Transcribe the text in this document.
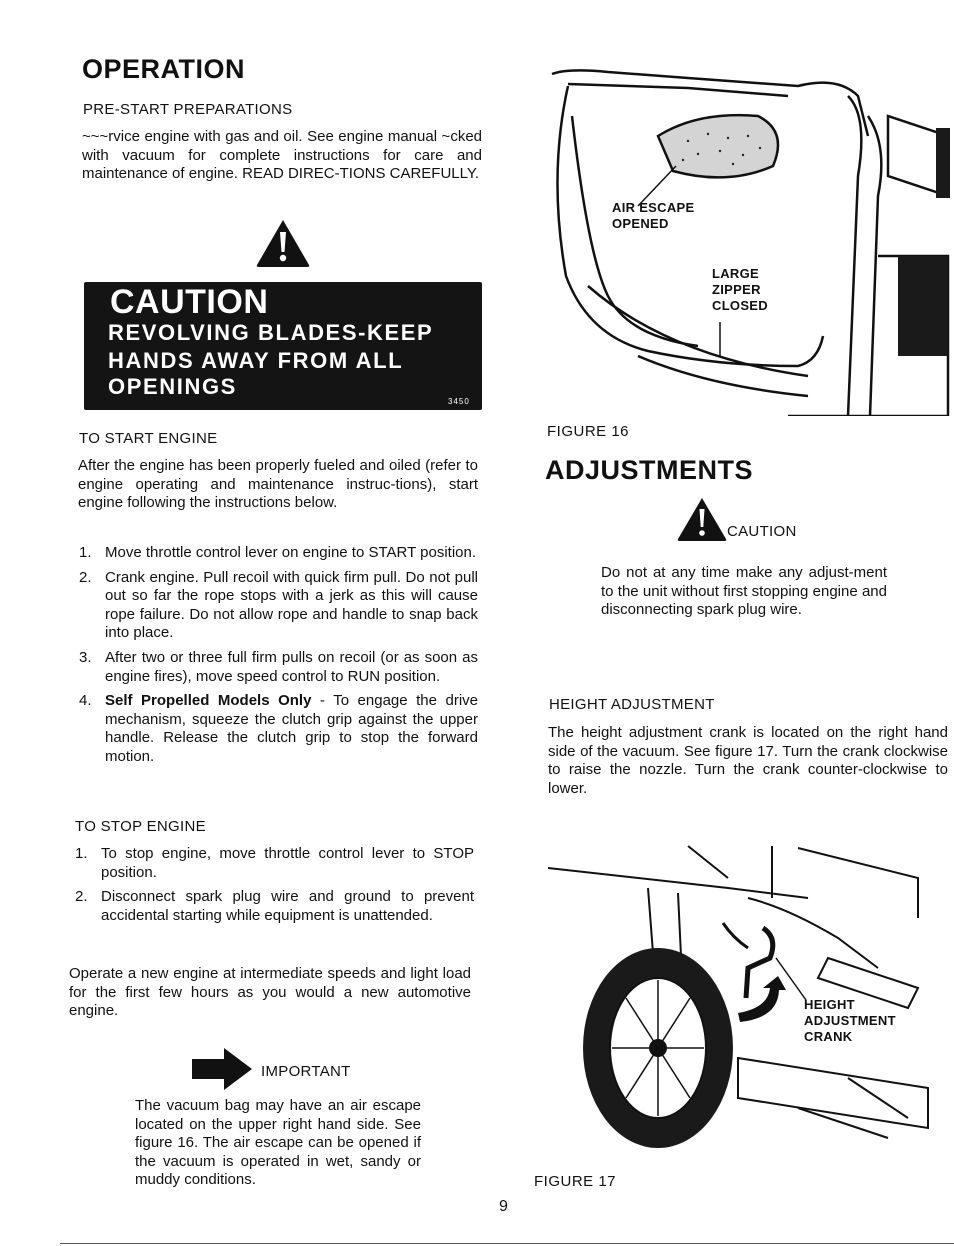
OPERATION
PRE-START PREPARATIONS
~~~rvice engine with gas and oil. See engine manual ~cked with vacuum for complete instructions for care and maintenance of engine. READ DIREC-TIONS CAREFULLY.
CAUTION
REVOLVING BLADES-KEEP
HANDS AWAY FROM ALL
OPENINGS
3450
TO START ENGINE
After the engine has been properly fueled and oiled (refer to engine operating and maintenance instruc-tions), start engine following the instructions below.
1. Move throttle control lever on engine to START position.
2. Crank engine. Pull recoil with quick firm pull. Do not pull out so far the rope stops with a jerk as this will cause rope failure. Do not allow rope and handle to snap back into place.
3. After two or three full firm pulls on recoil (or as soon as engine fires), move speed control to RUN position.
4. Self Propelled Models Only - To engage the drive mechanism, squeeze the clutch grip against the upper handle. Release the clutch grip to stop the forward motion.
TO STOP ENGINE
1. To stop engine, move throttle control lever to STOP position.
2. Disconnect spark plug wire and ground to prevent accidental starting while equipment is unattended.
Operate a new engine at intermediate speeds and light load for the first few hours as you would a new automotive engine.
IMPORTANT
The vacuum bag may have an air escape located on the upper right hand side. See figure 16. The air escape can be opened if the vacuum is operated in wet, sandy or muddy conditions.
AIR ESCAPE
OPENED
LARGE
ZIPPER
CLOSED
FIGURE 16
ADJUSTMENTS
CAUTION
Do not at any time make any adjust-ment to the unit without first stopping engine and disconnecting spark plug wire.
HEIGHT ADJUSTMENT
The height adjustment crank is located on the right hand side of the vacuum. See figure 17. Turn the crank clockwise to raise the nozzle. Turn the crank counter-clockwise to lower.
HEIGHT
ADJUSTMENT
CRANK
FIGURE 17
9
